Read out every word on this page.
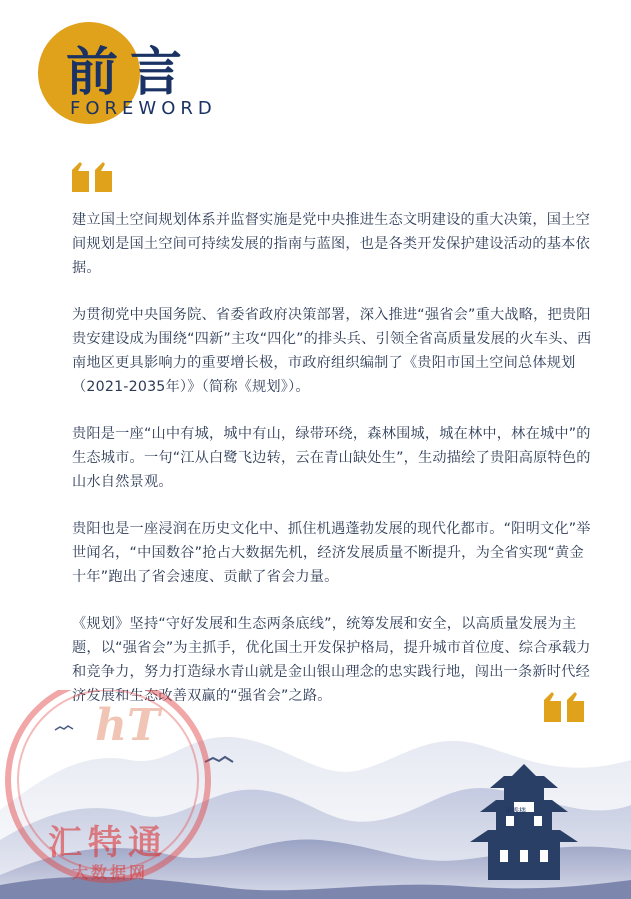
前言
FOREWORD

建立国土空间规划体系并监督实施是党中央推进生态文明建设的重大决策，国土空间规划是国土空间可持续发展的指南与蓝图，也是各类开发保护建设活动的基本依据。

为贯彻党中央国务院、省委省政府决策部署，深入推进“强省会”重大战略，把贵阳贵安建设成为围绕“四新”主攻“四化”的排头兵、引领全省高质量发展的火车头、西南地区更具影响力的重要增长极，市政府组织编制了《贵阳市国土空间总体规划（2021-2035年）》（简称《规划》）。

贵阳是一座“山中有城，城中有山，绿带环绕，森林围城，城在林中，林在城中”的生态城市。一句“江从白鹭飞边转，云在青山缺处生”，生动描绘了贵阳高原特色的山水自然景观。

贵阳也是一座浸润在历史文化中、抓住机遇蓬勃发展的现代化都市。“阳明文化”举世闻名，“中国数谷”抢占大数据先机，经济发展质量不断提升，为全省实现“黄金十年”跑出了省会速度、贡献了省会力量。

《规划》坚持“守好发展和生态两条底线”，统筹发展和安全，以高质量发展为主题，以“强省会”为主抓手，优化国土开发保护格局，提升城市首位度、综合承载力和竞争力，努力打造绿水青山就是金山银山理念的忠实践行地，闯出一条新时代经济发展和生态改善双赢的“强省会”之路。

甲秀楼
hT
汇特通
大数据网
